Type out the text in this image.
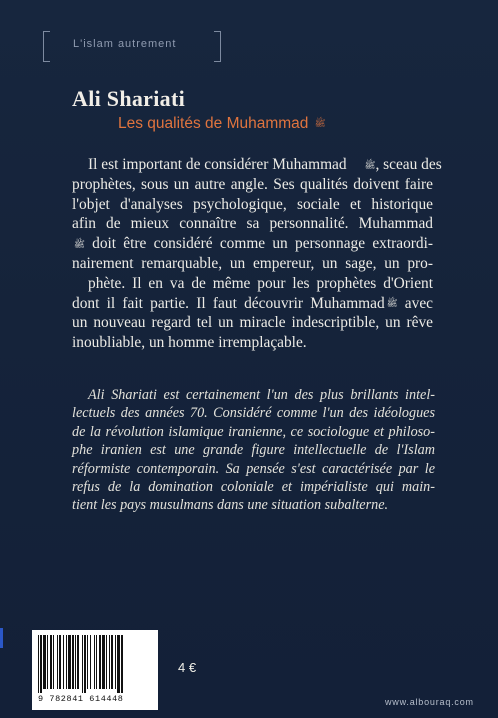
L'islam autrement
Ali Shariati
Les qualités de Muhammad ﷺ
Il est important de considérer Muhammad ﷺ, sceau des
prophètes, sous un autre angle. Ses qualités doivent faire
l'objet d'analyses psychologique, sociale et historique
afin de mieux connaître sa personnalité. Muhammad
ﷺ doit être considéré comme un personnage extraordi-
nairement remarquable, un empereur, un sage, un pro-
phète. Il en va de même pour les prophètes d'Orient
dont il fait partie. Il faut découvrir Muhammad ﷺ avec
un nouveau regard tel un miracle indescriptible, un rêve
inoubliable, un homme irremplaçable.
Ali Shariati est certainement l'un des plus brillants intel-
lectuels des années 70. Considéré comme l'un des idéologues
de la révolution islamique iranienne, ce sociologue et philoso-
phe iranien est une grande figure intellectuelle de l'Islam
réformiste contemporain. Sa pensée s'est caractérisée par le
refus de la domination coloniale et impérialiste qui main-
tient les pays musulmans dans une situation subalterne.
9 782841 614448
4 €
www.albouraq.com
